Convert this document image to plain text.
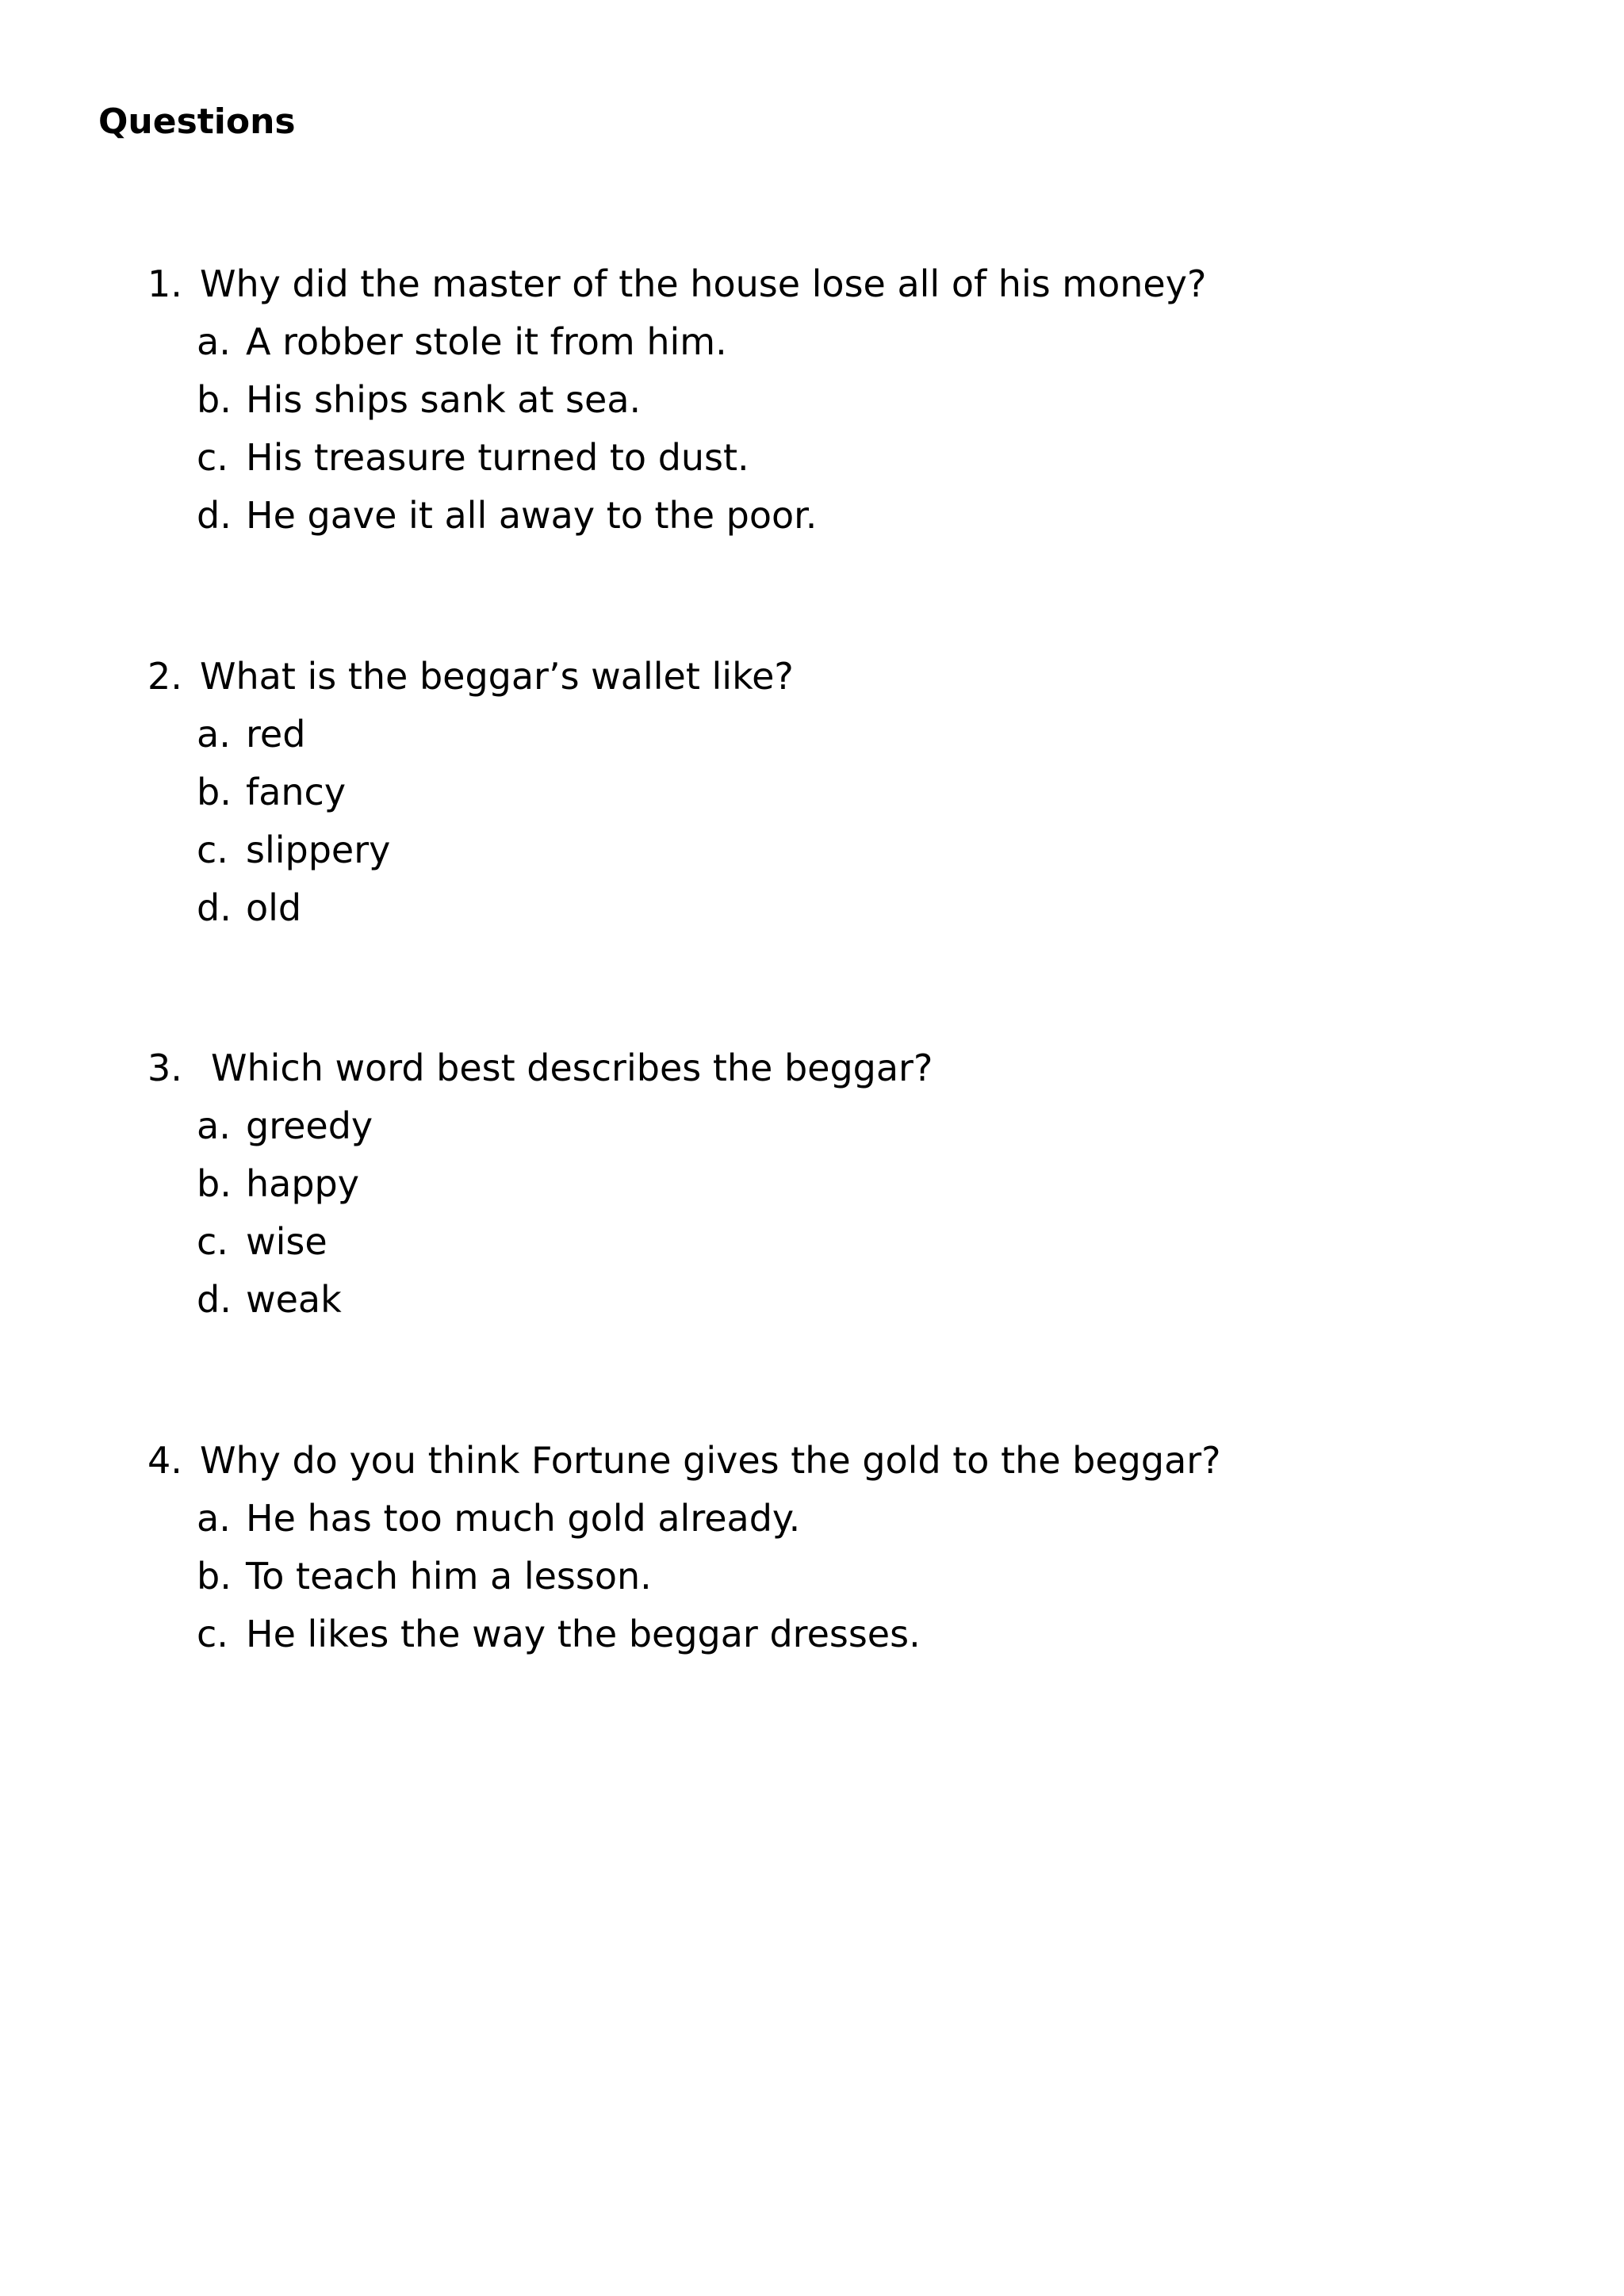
Questions
1. Why did the master of the house lose all of his money?
a. A robber stole it from him.
b. His ships sank at sea.
c. His treasure turned to dust.
d. He gave it all away to the poor.
2. What is the beggar’s wallet like?
a. red
b. fancy
c. slippery
d. old
3. Which word best describes the beggar?
a. greedy
b. happy
c. wise
d. weak
4. Why do you think Fortune gives the gold to the beggar?
a. He has too much gold already.
b. To teach him a lesson.
c. He likes the way the beggar dresses.
